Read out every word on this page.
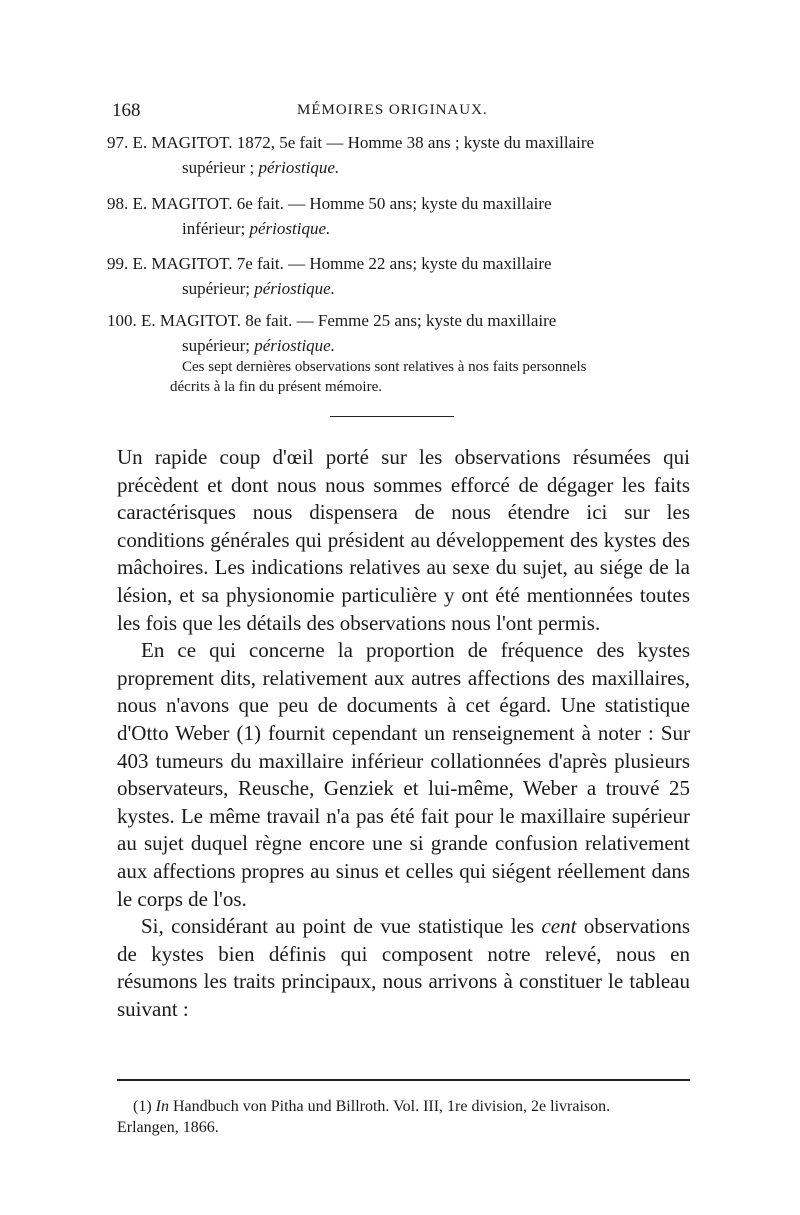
168	MÉMOIRES ORIGINAUX.
97. E. MAGITOT. 1872, 5e fait — Homme 38 ans ; kyste du maxillaire
supérieur ; périostique.
98. E. MAGITOT. 6e fait. — Homme 50 ans; kyste du maxillaire
inférieur; périostique.
99. E. MAGITOT. 7e fait. — Homme 22 ans; kyste du maxillaire
supérieur; périostique.
100. E. MAGITOT. 8e fait. — Femme 25 ans; kyste du maxillaire
supérieur; périostique.
Ces sept dernières observations sont relatives à nos faits personnels
décrits à la fin du présent mémoire.

Un rapide coup d'œil porté sur les observations résumées qui précèdent et dont nous nous sommes efforcé de dégager les faits caractérisques nous dispensera de nous étendre ici sur les conditions générales qui président au développement des kystes des mâchoires. Les indications relatives au sexe du sujet, au siége de la lésion, et sa physionomie particulière y ont été mentionnées toutes les fois que les détails des observations nous l'ont permis.

En ce qui concerne la proportion de fréquence des kystes proprement dits, relativement aux autres affections des maxillaires, nous n'avons que peu de documents à cet égard. Une statistique d'Otto Weber (1) fournit cependant un renseignement à noter : Sur 403 tumeurs du maxillaire inférieur collationnées d'après plusieurs observateurs, Reusche, Genziek et lui-même, Weber a trouvé 25 kystes. Le même travail n'a pas été fait pour le maxillaire supérieur au sujet duquel règne encore une si grande confusion relativement aux affections propres au sinus et celles qui siégent réellement dans le corps de l'os.

Si, considérant au point de vue statistique les cent observations de kystes bien définis qui composent notre relevé, nous en résumons les traits principaux, nous arrivons à constituer le tableau suivant :

(1) In Handbuch von Pitha und Billroth. Vol. III, 1re division, 2e livraison.
Erlangen, 1866.
